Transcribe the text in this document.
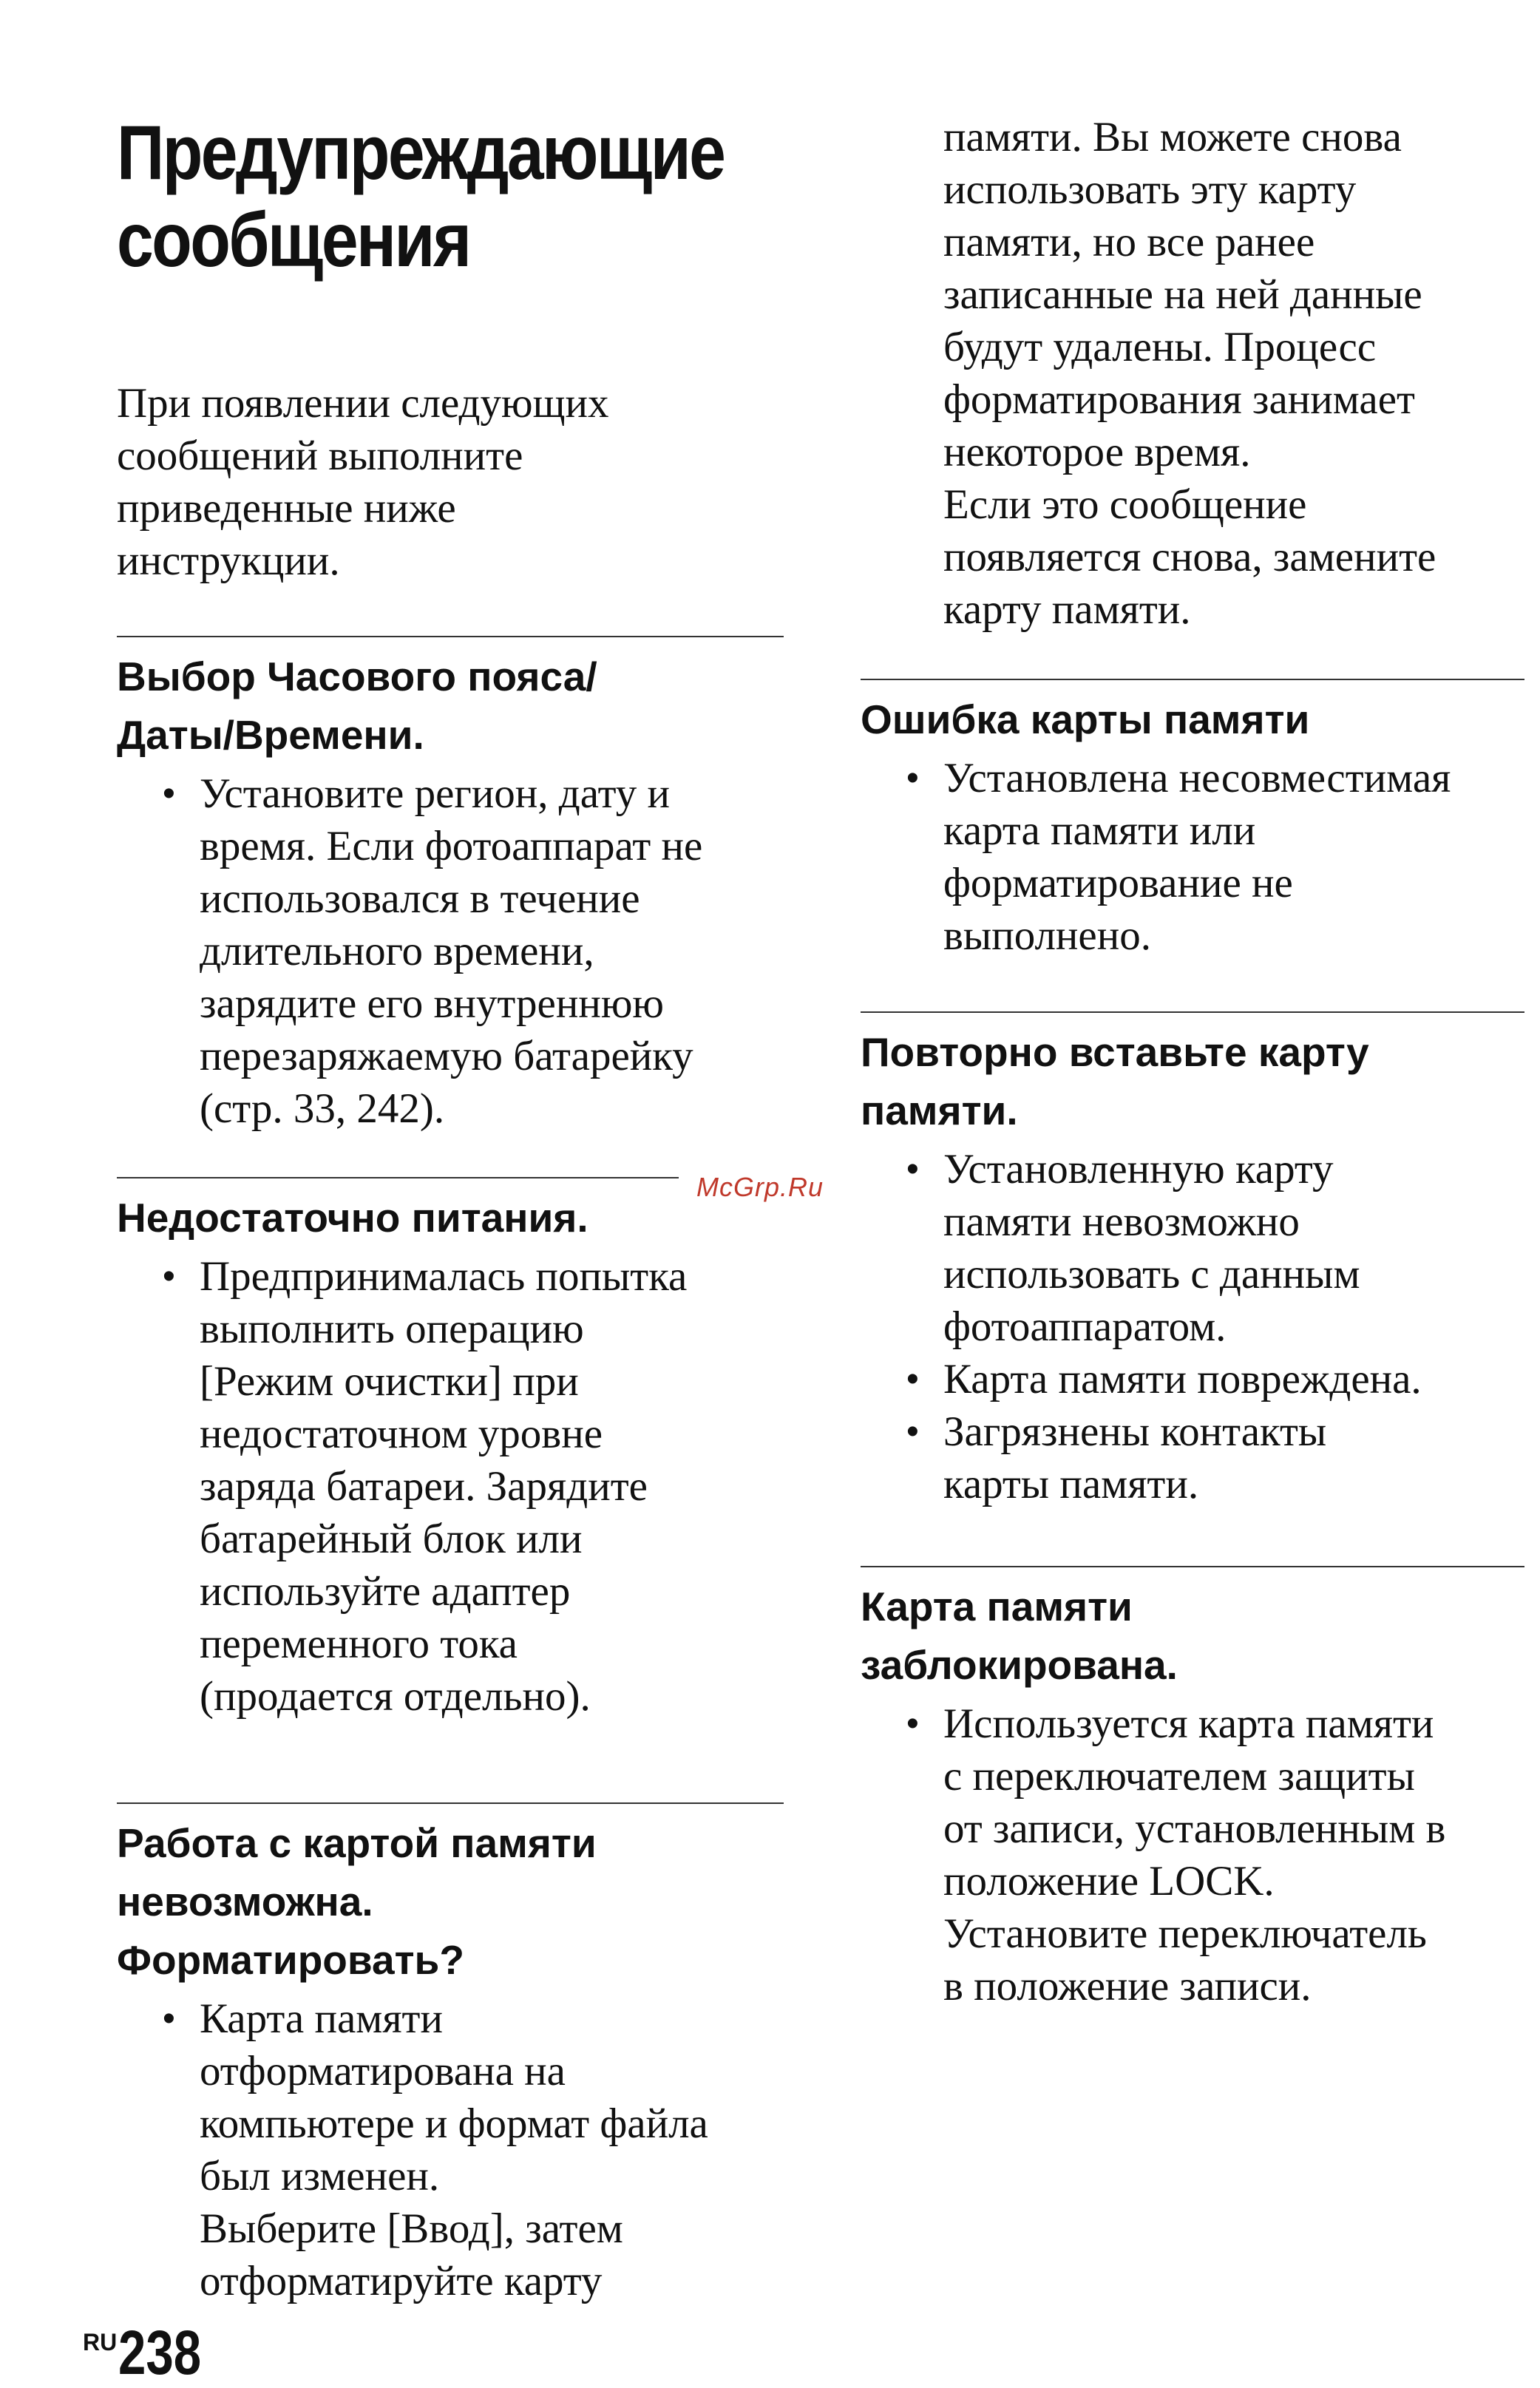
Предупреждающие
сообщения
При появлении следующих
сообщений выполните
приведенные ниже
инструкции.
Выбор Часового пояса/
Даты/Времени.
• Установите регион, дату и
время. Если фотоаппарат не
использовался в течение
длительного времени,
зарядите его внутреннюю
перезаряжаемую батарейку
(стр. 33, 242).
Недостаточно питания.
• Предпринималась попытка
выполнить операцию
[Режим очистки] при
недостаточном уровне
заряда батареи. Зарядите
батарейный блок или
используйте адаптер
переменного тока
(продается отдельно).
Работа с картой памяти
невозможна.
Форматировать?
• Карта памяти
отформатирована на
компьютере и формат файла
был изменен.
Выберите [Ввод], затем
отформатируйте карту
памяти. Вы можете снова
использовать эту карту
памяти, но все ранее
записанные на ней данные
будут удалены. Процесс
форматирования занимает
некоторое время.
Если это сообщение
появляется снова, замените
карту памяти.
Ошибка карты памяти
• Установлена несовместимая
карта памяти или
форматирование не
выполнено.
Повторно вставьте карту
памяти.
• Установленную карту
памяти невозможно
использовать с данным
фотоаппаратом.
• Карта памяти повреждена.
• Загрязнены контакты
карты памяти.
Карта памяти
заблокирована.
• Используется карта памяти
с переключателем защиты
от записи, установленным в
положение LOCK.
Установите переключатель
в положение записи.
McGrp.Ru
RU 238
